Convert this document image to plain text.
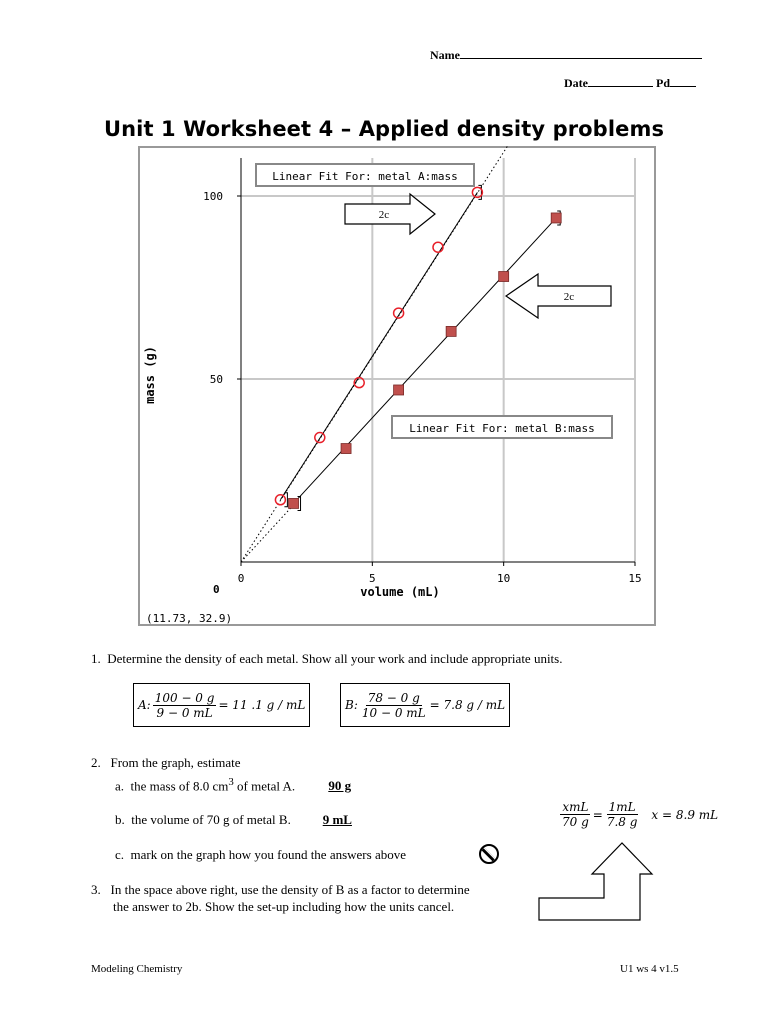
Name
Date	Pd
Unit 1 Worksheet 4 – Applied density problems
0	5	10	15
50
100
Linear Fit For: metal A:mass
Linear Fit For: metal B:mass
2c
2c
0	volume (mL)
mass (g)
(11.73, 32.9)
1. Determine the density of each metal. Show all your work and include appropriate units.
A : $\frac{100 - 0 g}{9 - 0 mL} = 11$ .1 g / mL	B : $\frac{78 - 0 g}{10 - 0 mL} = 7.8$ g / mL
2. From the graph, estimate
a. the mass of 8.0 $cm^3$ of metal A.	90 g
b. the volume of 70 g of metal B. 9 mL
c. mark on the graph how you found the answers above
3. In the space above right, use the density of B as a factor to determine
the answer to 2b. Show the set-up including how the units cancel.
$\frac{\text{xmL}}{70 g} = \frac{1mL}{7.8 g}$ x = 8.9 mL
Modeling Chemistry	U1 ws 4 v1.5
